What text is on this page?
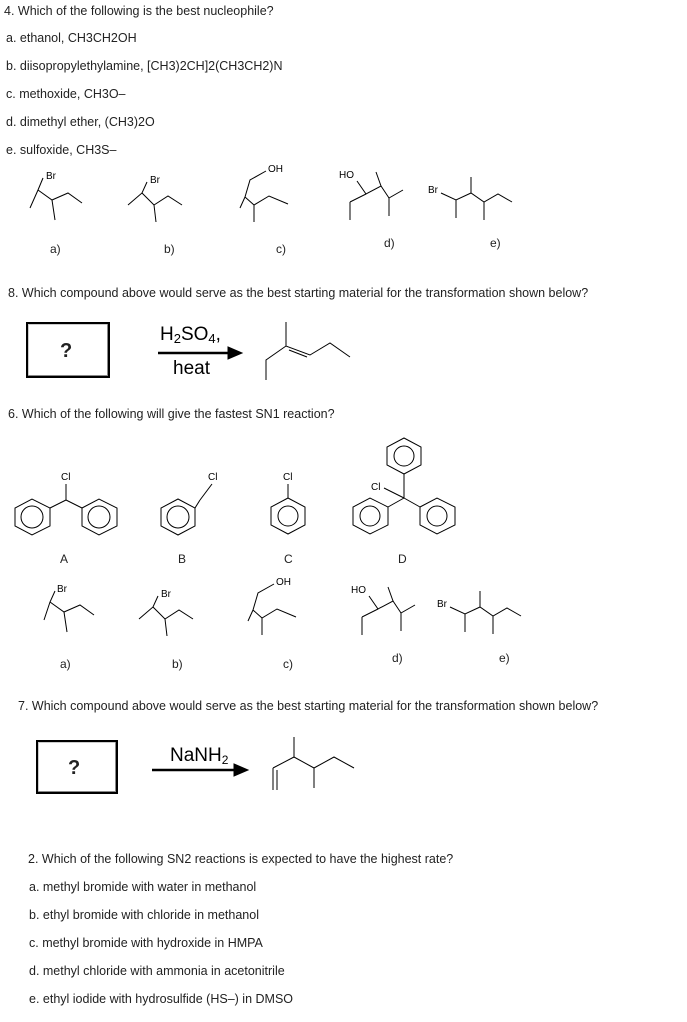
4. Which of the following is the best nucleophile?
a. ethanol, CH3CH2OH
b. diisopropylethylamine, [CH3)2CH]2(CH3CH2)N
c. methoxide, CH3O–
d. dimethyl ether, (CH3)2O
e. sulfoxide, CH3S–
Br	Br
OH
HO
Br
a)	b)	c)	d)	e)
8. Which compound above would serve as the best starting material for the transformation shown below?
?
H2SO4,
heat
6. Which of the following will give the fastest SN1 reaction?
Cl	Cl	Cl
Cl
A	B	C	D
Br	Br
OH
HO
Br
a)	b)	c)	d)	e)
7. Which compound above would serve as the best starting material for the transformation shown below?
?
NaNH2
2. Which of the following SN2 reactions is expected to have the highest rate?
a. methyl bromide with water in methanol
b. ethyl bromide with chloride in methanol
c. methyl bromide with hydroxide in HMPA
d. methyl chloride with ammonia in acetonitrile
e. ethyl iodide with hydrosulfide (HS–) in DMSO
